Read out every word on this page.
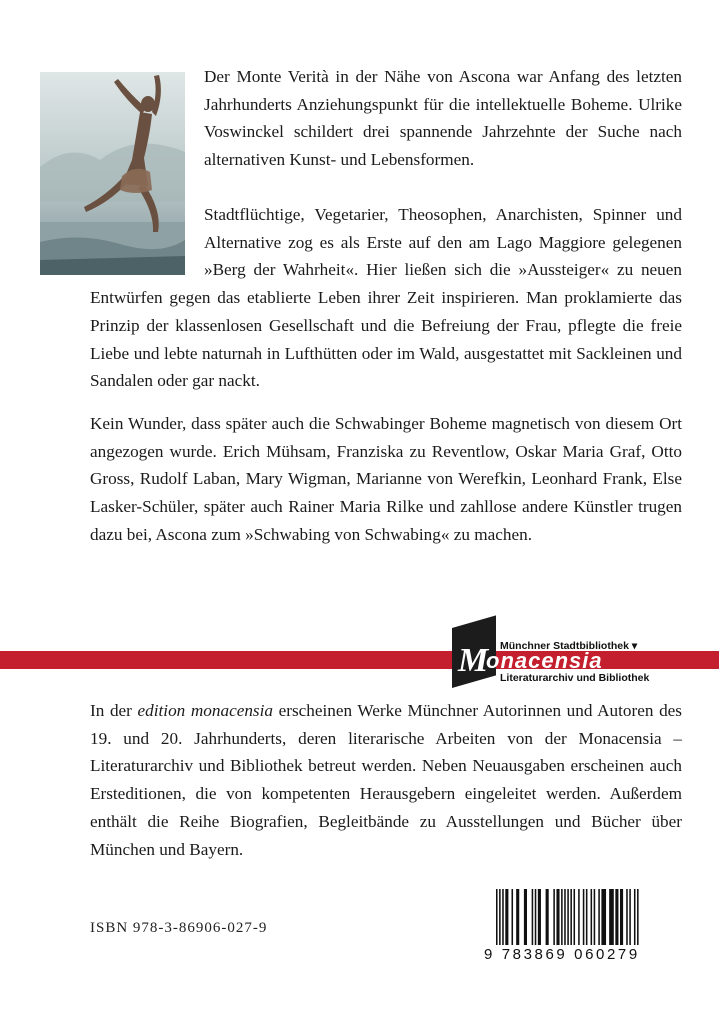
Der Monte Verità in der Nähe von Ascona war Anfang des letzten Jahrhunderts Anziehungspunkt für die intellektuelle Boheme. Ulrike Voswinckel schildert drei spannende Jahrzehnte der Suche nach alternativen Kunst- und Lebensformen.

Stadtflüchtige, Vegetarier, Theosophen, Anarchisten, Spinner und Alternative zog es als Erste auf den am Lago Maggiore gelegenen »Berg der Wahrheit«. Hier ließen sich die »Aussteiger« zu neuen Entwürfen gegen das etablierte Leben ihrer Zeit inspirieren. Man proklamierte das Prinzip der klassenlosen Gesellschaft und die Befreiung der Frau, pflegte die freie Liebe und lebte naturnah in Lufthütten oder im Wald, ausgestattet mit Sackleinen und Sandalen oder gar nackt.

Kein Wunder, dass später auch die Schwabinger Boheme magnetisch von diesem Ort angezogen wurde. Erich Mühsam, Franziska zu Reventlow, Oskar Maria Graf, Otto Gross, Rudolf Laban, Mary Wigman, Marianne von Werefkin, Leonhard Frank, Else Lasker-Schüler, später auch Rainer Maria Rilke und zahllose andere Künstler trugen dazu bei, Ascona zum »Schwabing von Schwabing« zu machen.

M Münchner Stadtbibliothek ▾
onacensia
Literaturarchiv und Bibliothek

In der edition monacensia erscheinen Werke Münchner Autorinnen und Autoren des 19. und 20. Jahrhunderts, deren literarische Arbeiten von der Monacensia – Literaturarchiv und Bibliothek betreut werden. Neben Neuausgaben erscheinen auch Ersteditionen, die von kompetenten Herausgebern eingeleitet werden. Außerdem enthält die Reihe Biografien, Begleitbände zu Ausstellungen und Bücher über München und Bayern.

ISBN 978-3-86906-027-9
9 783869 060279
